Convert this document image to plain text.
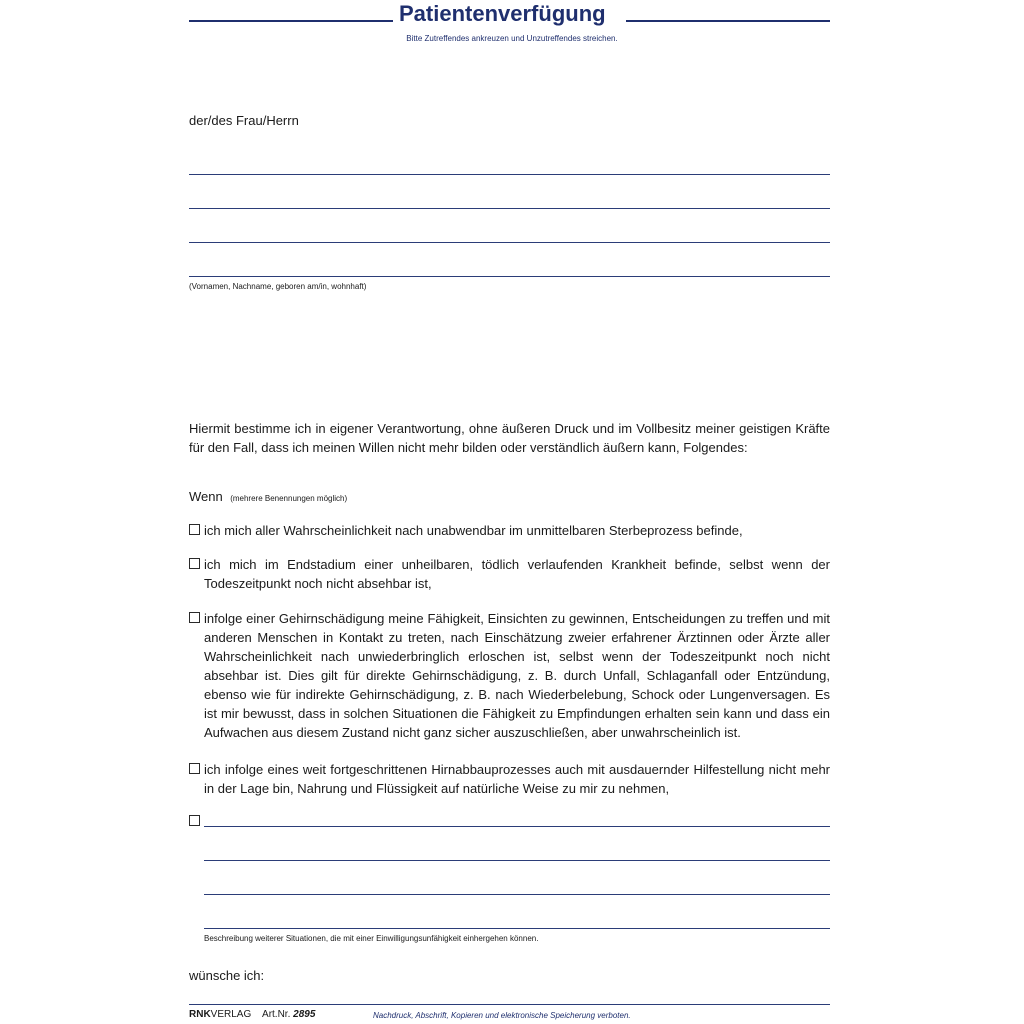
Patientenverfügung
Bitte Zutreffendes ankreuzen und Unzutreffendes streichen.
der/des Frau/Herrn
(Vornamen, Nachname, geboren am/in, wohnhaft)
Hiermit bestimme ich in eigener Verantwortung, ohne äußeren Druck und im Vollbesitz meiner geistigen Kräfte für den Fall, dass ich meinen Willen nicht mehr bilden oder verständlich äußern kann, Folgendes:
Wenn (mehrere Benennungen möglich)
ich mich aller Wahrscheinlichkeit nach unabwendbar im unmittelbaren Sterbeprozess befinde,
ich mich im Endstadium einer unheilbaren, tödlich verlaufenden Krankheit befinde, selbst wenn der Todeszeitpunkt noch nicht absehbar ist,
infolge einer Gehirnschädigung meine Fähigkeit, Einsichten zu gewinnen, Entscheidungen zu treffen und mit anderen Menschen in Kontakt zu treten, nach Einschätzung zweier erfahrener Ärztinnen oder Ärzte aller Wahrscheinlichkeit nach unwiederbringlich erloschen ist, selbst wenn der Todeszeitpunkt noch nicht absehbar ist. Dies gilt für direkte Gehirnschädigung, z. B. durch Unfall, Schlaganfall oder Entzündung, ebenso wie für indirekte Gehirnschädigung, z. B. nach Wiederbelebung, Schock oder Lungenversagen. Es ist mir bewusst, dass in solchen Situationen die Fähigkeit zu Empfindungen erhalten sein kann und dass ein Aufwachen aus diesem Zustand nicht ganz sicher auszuschließen, aber unwahrscheinlich ist.
ich infolge eines weit fortgeschrittenen Hirnabbauprozesses auch mit ausdauernder Hilfestellung nicht mehr in der Lage bin, Nahrung und Flüssigkeit auf natürliche Weise zu mir zu nehmen,
Beschreibung weiterer Situationen, die mit einer Einwilligungsunfähigkeit einhergehen können.
wünsche ich:
RNKVERLAG Art.Nr. 2895	Nachdruck, Abschrift, Kopieren und elektronische Speicherung verboten.
